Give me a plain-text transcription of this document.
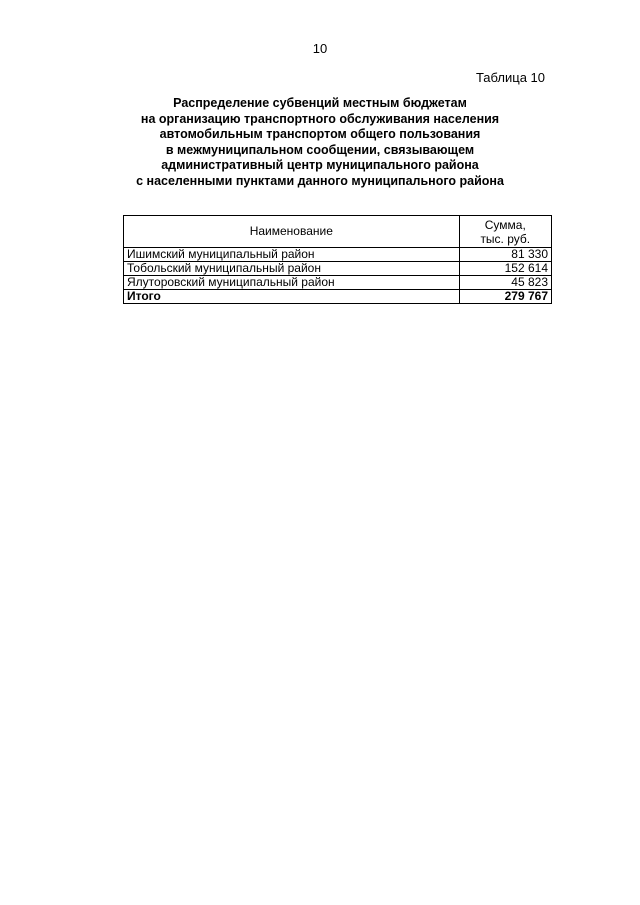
10
Таблица 10
Распределение субвенций местным бюджетам
на организацию транспортного обслуживания населения
автомобильным транспортом общего пользования
в межмуниципальном сообщении, связывающем
административный центр муниципального района
с населенными пунктами данного муниципального района
Наименование	Сумма,
тыс. руб.
Ишимский муниципальный район	81 330
Тобольский муниципальный район	152 614
Ялуторовский муниципальный район	45 823
Итого	279 767
